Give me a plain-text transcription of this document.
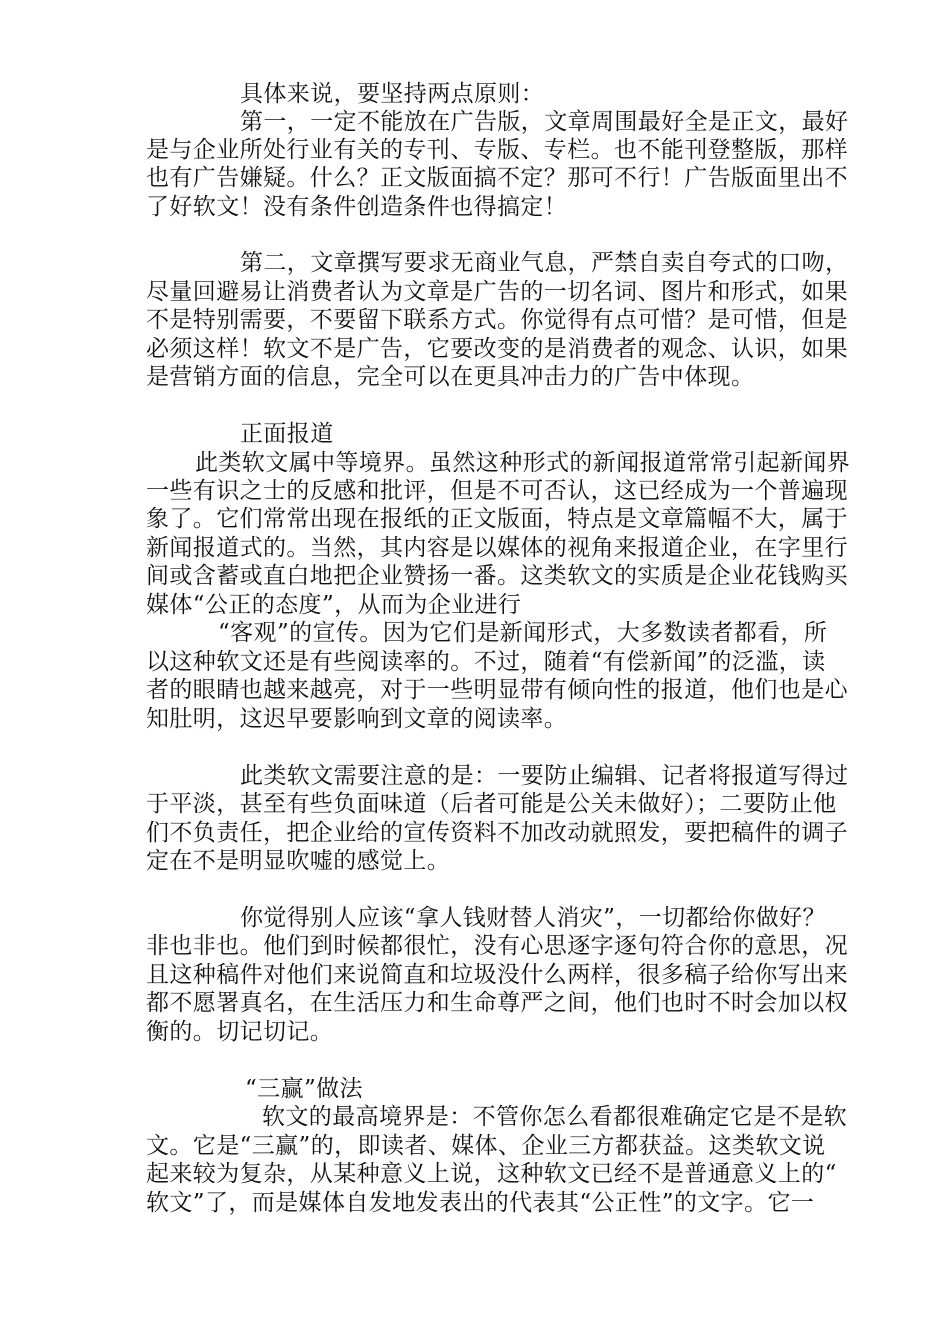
具体来说，要坚持两点原则：
第一，一定不能放在广告版，文章周围最好全是正文，最好
是与企业所处行业有关的专刊、专版、专栏。也不能刊登整版，那样
也有广告嫌疑。什么？正文版面搞不定？那可不行！广告版面里出不
了好软文！没有条件创造条件也得搞定！
第二，文章撰写要求无商业气息，严禁自卖自夸式的口吻，
尽量回避易让消费者认为文章是广告的一切名词、图片和形式，如果
不是特别需要，不要留下联系方式。你觉得有点可惜？是可惜，但是
必须这样！软文不是广告，它要改变的是消费者的观念、认识，如果
是营销方面的信息，完全可以在更具冲击力的广告中体现。
正面报道
此类软文属中等境界。虽然这种形式的新闻报道常常引起新闻界
一些有识之士的反感和批评，但是不可否认，这已经成为一个普遍现
象了。它们常常出现在报纸的正文版面，特点是文章篇幅不大，属于
新闻报道式的。当然，其内容是以媒体的视角来报道企业，在字里行
间或含蓄或直白地把企业赞扬一番。这类软文的实质是企业花钱购买
媒体“公正的态度”，从而为企业进行
“客观”的宣传。因为它们是新闻形式，大多数读者都看，所
以这种软文还是有些阅读率的。不过，随着“有偿新闻”的泛滥，读
者的眼睛也越来越亮，对于一些明显带有倾向性的报道，他们也是心
知肚明，这迟早要影响到文章的阅读率。
此类软文需要注意的是：一要防止编辑、记者将报道写得过
于平淡，甚至有些负面味道（后者可能是公关未做好）；二要防止他
们不负责任，把企业给的宣传资料不加改动就照发，要把稿件的调子
定在不是明显吹嘘的感觉上。
你觉得别人应该“拿人钱财替人消灾”，一切都给你做好？
非也非也。他们到时候都很忙，没有心思逐字逐句符合你的意思，况
且这种稿件对他们来说简直和垃圾没什么两样，很多稿子给你写出来
都不愿署真名，在生活压力和生命尊严之间，他们也时不时会加以权
衡的。切记切记。
“三赢”做法
软文的最高境界是：不管你怎么看都很难确定它是不是软
文。它是“三赢”的，即读者、媒体、企业三方都获益。这类软文说
起来较为复杂，从某种意义上说，这种软文已经不是普通意义上的“
软文”了，而是媒体自发地发表出的代表其“公正性”的文字。它一
